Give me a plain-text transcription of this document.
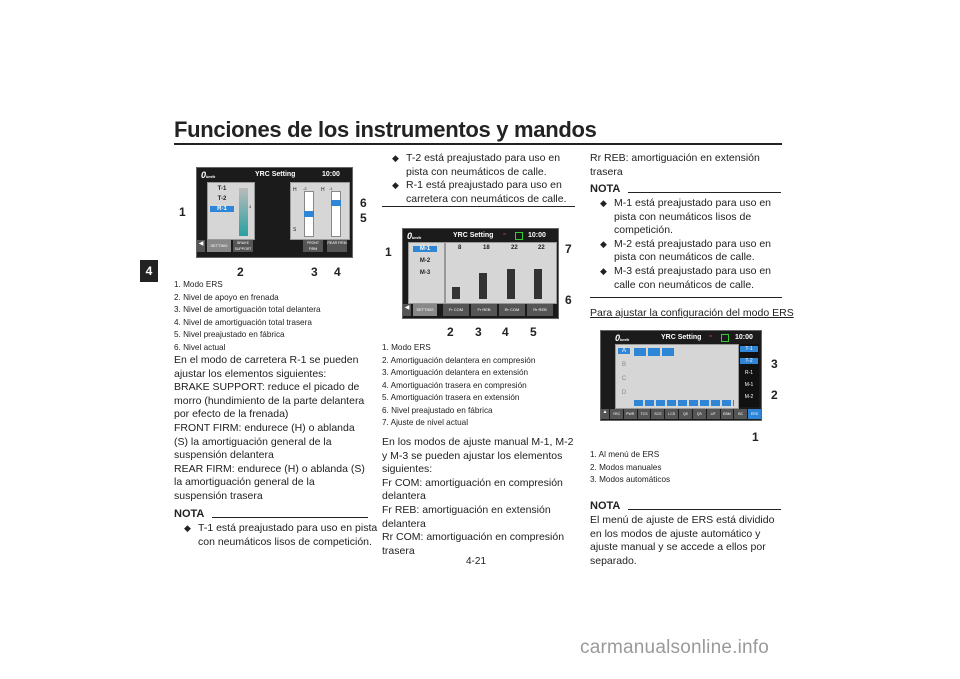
Funciones de los instrumentos y mandos
4
0km/h	YRC Setting	10:00
T-1
T-2
R-1	4
H
S
-2	H -1
◀	SETTING	BRAKE SUPPORT
FRONT FIRM
REAR FIRM
1
2	3 4
5
6
1. Modo ERS
2. Nivel de apoyo en frenada
3. Nivel de amortiguación total delantera
4. Nivel de amortiguación total trasera
5. Nivel preajustado en fábrica
6. Nivel actual
En el modo de carretera R-1 se pueden ajustar los elementos siguientes:
BRAKE SUPPORT: reduce el picado de morro (hundimiento de la parte delantera por efecto de la frenada)
FRONT FIRM: endurece (H) o ablanda (S) la amortiguación general de la suspensión delantera
REAR FIRM: endurece (H) o ablanda (S) la amortiguación general de la suspensión trasera
NOTA
◆ T-1 está preajustado para uso en pista con neumáticos lisos de competición.
◆ T-2 está preajustado para uso en pista con neumáticos de calle.
◆ R-1 está preajustado para uso en carretera con neumáticos de calle.
0km/h	YRC Setting ≈	10:00
M-1
M-2
M-3
8	18	22	22
◀	SETTING	Fr COM	Fr REB	Rr COM	Rr REB
1
2 3 4 5
6
7
1. Modo ERS
2. Amortiguación delantera en compresión
3. Amortiguación delantera en extensión
4. Amortiguación trasera en compresión
5. Amortiguación trasera en extensión
6. Nivel preajustado en fábrica
7. Ajuste de nivel actual
En los modos de ajuste manual M-1, M-2 y M-3 se pueden ajustar los elementos siguientes:
Fr COM: amortiguación en compresión delantera
Fr REB: amortiguación en extensión delantera
Rr COM: amortiguación en compresión trasera
4-21
Rr REB: amortiguación en extensión trasera
NOTA
◆ M-1 está preajustado para uso en pista con neumáticos lisos de competición.
◆ M-2 está preajustado para uso en pista con neumáticos de calle.
◆ M-3 está preajustado para uso en calle con neumáticos de calle.
Para ajustar la configuración del modo ERS
0km/h	YRC Setting ≈	10:00
A
B
C
D
T-1
T-2
R-1
M-1
M-2
▲	YRC	PWR	TCS	SCS	LCS	QS	QS	LIF	EBM	BC	ERS
1
2
3
1. Al menú de ERS
2. Modos manuales
3. Modos automáticos
NOTA
El menú de ajuste de ERS está dividido en los modos de ajuste automático y ajuste manual y se accede a ellos por separado.
carmanualsonline.info
